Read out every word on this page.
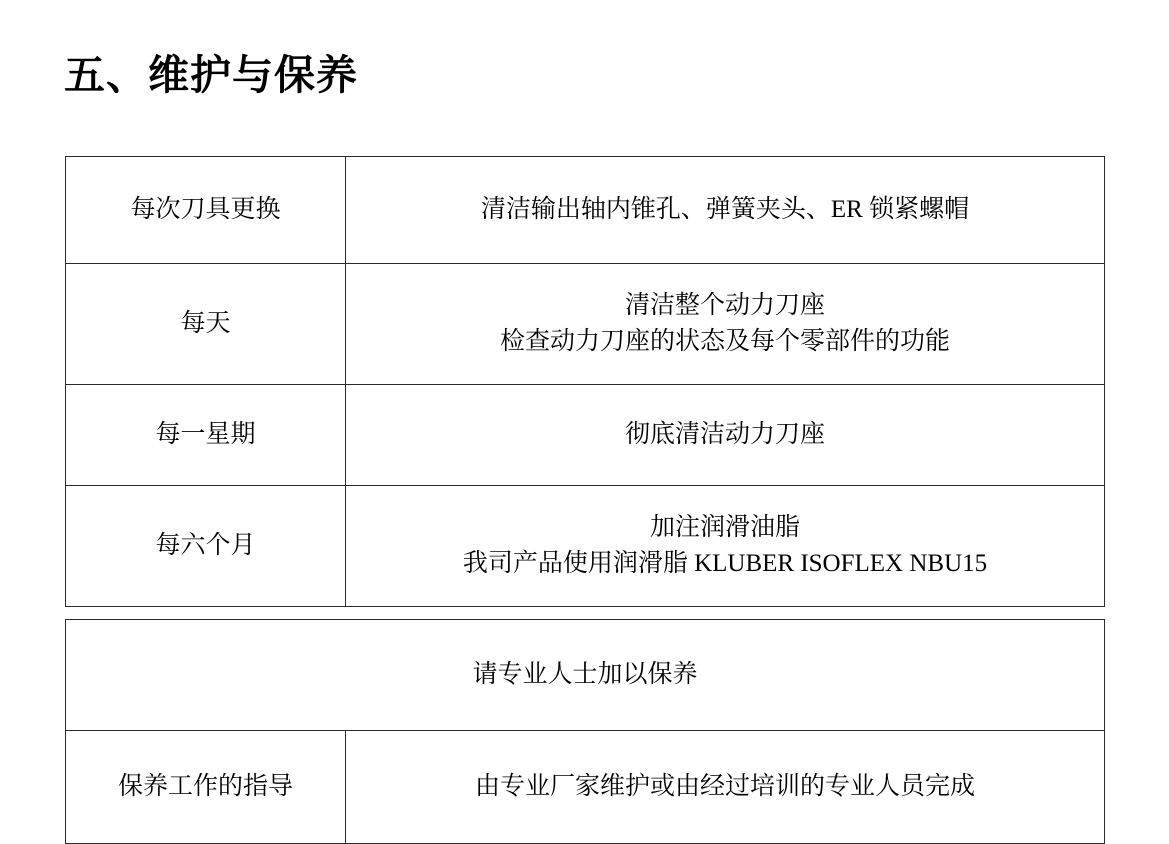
五、维护与保养
每次刀具更换	清洁输出轴内锥孔、弹簧夹头、ER 锁紧螺帽

每天	清洁整个动力刀座
检查动力刀座的状态及每个零部件的功能

每一星期	彻底清洁动力刀座

每六个月	加注润滑油脂
我司产品使用润滑脂 KLUBER ISOFLEX NBU15
请专业人士加以保养
保养工作的指导	由专业厂家维护或由经过培训的专业人员完成
